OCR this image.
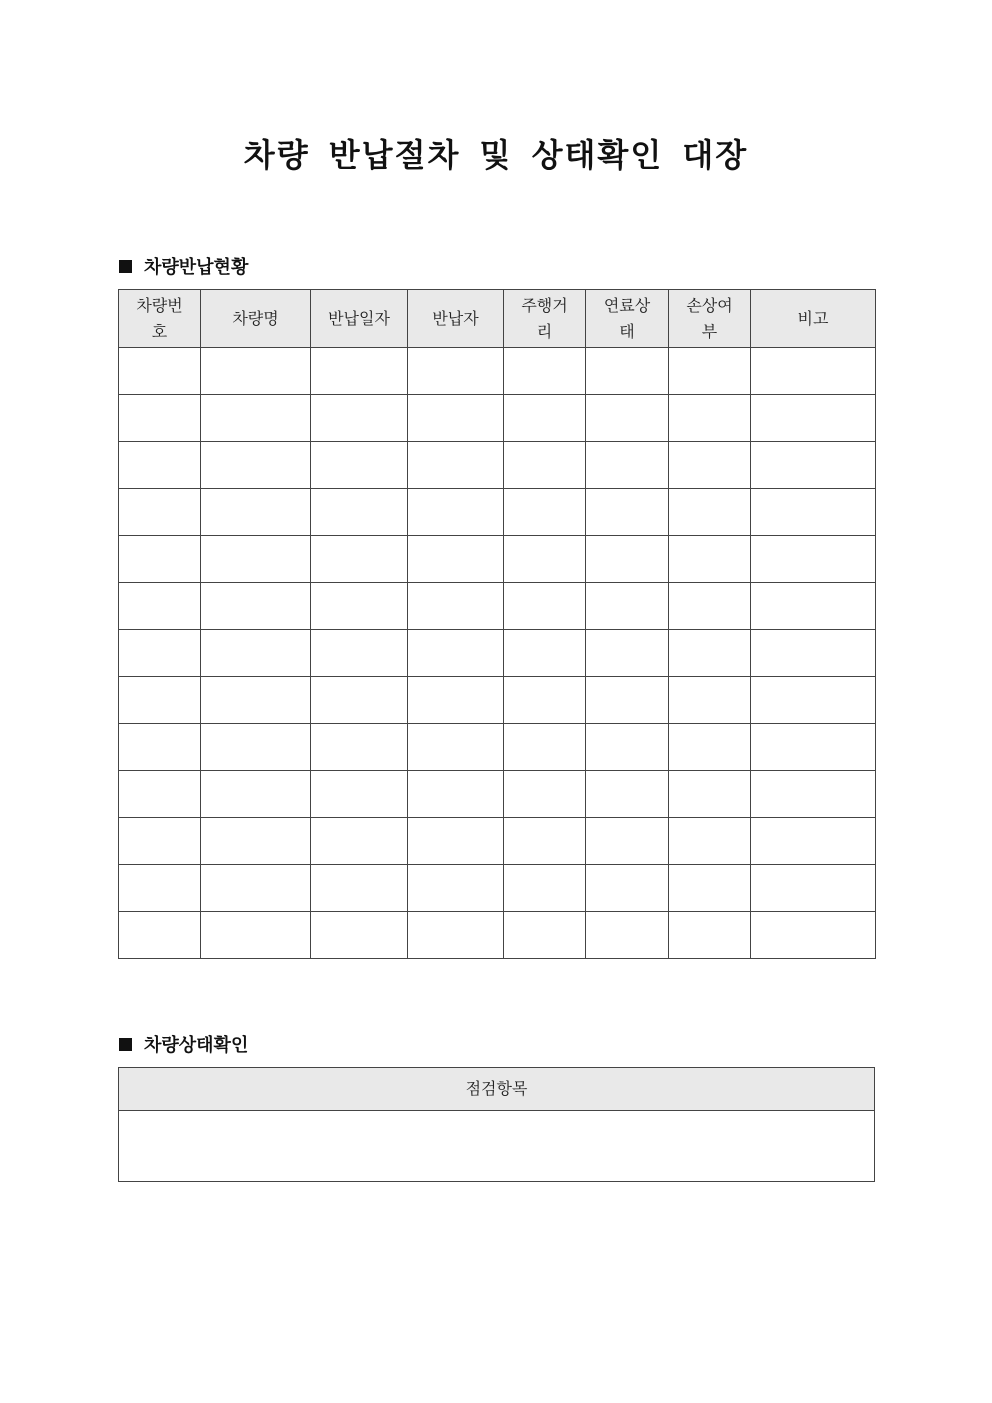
차량 반납절차 및 상태확인 대장
차량반납현황
차량번호	차량명	반납일자	반납자	주행거리	연료상태	손상여부	비고

차량상태확인
점검항목
